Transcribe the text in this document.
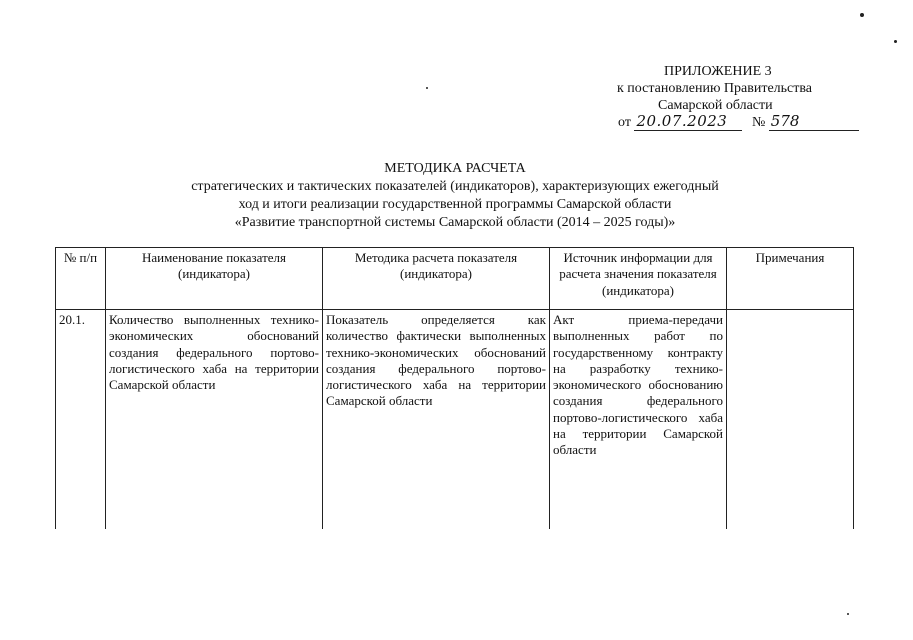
ПРИЛОЖЕНИЕ 3
к постановлению Правительства
Самарской области
от 20.07.2023 № 578
МЕТОДИКА РАСЧЕТА
стратегических и тактических показателей (индикаторов), характеризующих ежегодный
ход и итоги реализации государственной программы Самарской области
«Развитие транспортной системы Самарской области (2014 – 2025 годы)»
№ п/п	Наименование показателя (индикатора)	Методика расчета показателя (индикатора)	Источник информации для расчета значения показателя (индикатора)	Примечания
20.1.	Количество выполненных технико-экономических обоснований создания федерального портово-логистического хаба на территории Самарской области	Показатель определяется как количество фактически выполненных технико-экономических обоснований создания федерального портово-логистического хаба на территории Самарской области	Акт приема-передачи выполненных работ по государственному контракту на разработку технико-экономического обоснованию создания федерального портово-логистического хаба на территории Самарской области	
